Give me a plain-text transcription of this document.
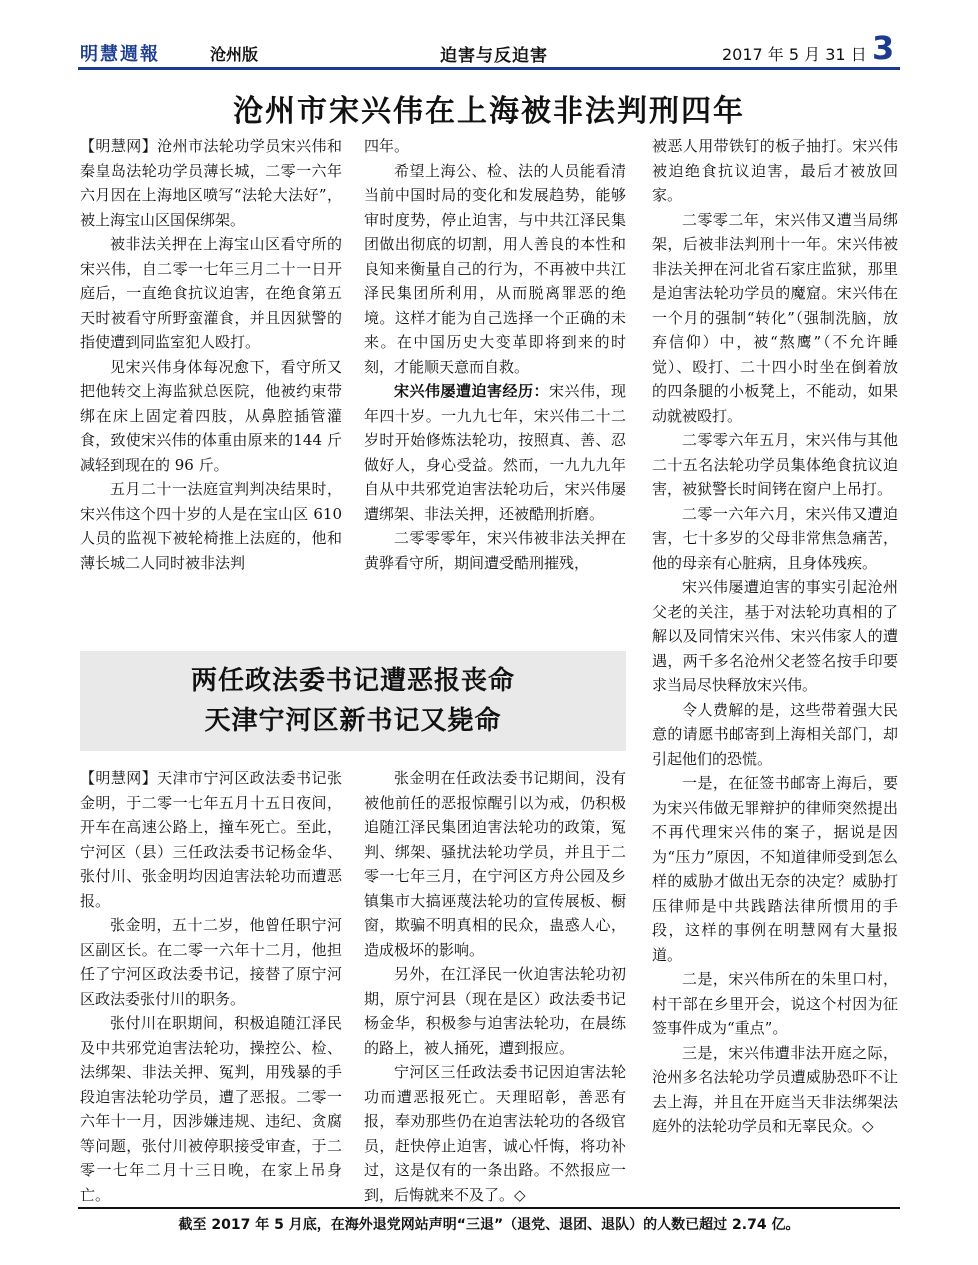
明慧週報	沧州版	迫害与反迫害	2017 年 5 月 31 日 3
沧州市宋兴伟在上海被非法判刑四年

【明慧网】沧州市法轮功学员宋兴伟和秦皇岛法轮功学员薄长城，二零一六年六月因在上海地区喷写“法轮大法好”，被上海宝山区国保绑架。

被非法关押在上海宝山区看守所的宋兴伟，自二零一七年三月二十一日开庭后，一直绝食抗议迫害，在绝食第五天时被看守所野蛮灌食，并且因狱警的指使遭到同监室犯人殴打。

见宋兴伟身体每况愈下，看守所又把他转交上海监狱总医院，他被约束带绑在床上固定着四肢，从鼻腔插管灌食，致使宋兴伟的体重由原来的144 斤减轻到现在的 96 斤。

五月二十一法庭宣判判决结果时，宋兴伟这个四十岁的人是在宝山区 610 人员的监视下被轮椅推上法庭的，他和薄长城二人同时被非法判

四年。

希望上海公、检、法的人员能看清当前中国时局的变化和发展趋势，能够审时度势，停止迫害，与中共江泽民集团做出彻底的切割，用人善良的本性和良知来衡量自己的行为，不再被中共江泽民集团所利用，从而脱离罪恶的绝境。这样才能为自己选择一个正确的未来。在中国历史大变革即将到来的时刻，才能顺天意而自救。

宋兴伟屡遭迫害经历：宋兴伟，现年四十岁。一九九七年，宋兴伟二十二岁时开始修炼法轮功，按照真、善、忍做好人，身心受益。然而，一九九九年自从中共邪党迫害法轮功后，宋兴伟屡遭绑架、非法关押，还被酷刑折磨。

二零零零年，宋兴伟被非法关押在黄骅看守所，期间遭受酷刑摧残，

被恶人用带铁钉的板子抽打。宋兴伟被迫绝食抗议迫害，最后才被放回家。

二零零二年，宋兴伟又遭当局绑架，后被非法判刑十一年。宋兴伟被非法关押在河北省石家庄监狱，那里是迫害法轮功学员的魔窟。宋兴伟在一个月的强制“转化”（强制洗脑，放弃信仰）中，被“熬鹰”（不允许睡觉）、殴打、二十四小时坐在倒着放的四条腿的小板凳上，不能动，如果动就被殴打。

二零零六年五月，宋兴伟与其他二十五名法轮功学员集体绝食抗议迫害，被狱警长时间铐在窗户上吊打。

二零一六年六月，宋兴伟又遭迫害，七十多岁的父母非常焦急痛苦，他的母亲有心脏病，且身体残疾。

宋兴伟屡遭迫害的事实引起沧州父老的关注，基于对法轮功真相的了解以及同情宋兴伟、宋兴伟家人的遭遇，两千多名沧州父老签名按手印要求当局尽快释放宋兴伟。

令人费解的是，这些带着强大民意的请愿书邮寄到上海相关部门，却引起他们的恐慌。

一是，在征签书邮寄上海后，要为宋兴伟做无罪辩护的律师突然提出不再代理宋兴伟的案子，据说是因为“压力”原因，不知道律师受到怎么样的威胁才做出无奈的决定？威胁打压律师是中共践踏法律所惯用的手段，这样的事例在明慧网有大量报道。

二是，宋兴伟所在的朱里口村，村干部在乡里开会，说这个村因为征签事件成为“重点”。

三是，宋兴伟遭非法开庭之际，沧州多名法轮功学员遭威胁恐吓不让去上海，并且在开庭当天非法绑架法庭外的法轮功学员和无辜民众。◇

两任政法委书记遭恶报丧命
天津宁河区新书记又毙命

【明慧网】天津市宁河区政法委书记张金明，于二零一七年五月十五日夜间，开车在高速公路上，撞车死亡。至此，宁河区（县）三任政法委书记杨金华、张付川、张金明均因迫害法轮功而遭恶报。

张金明，五十二岁，他曾任职宁河区副区长。在二零一六年十二月，他担任了宁河区政法委书记，接替了原宁河区政法委张付川的职务。

张付川在职期间，积极追随江泽民及中共邪党迫害法轮功，操控公、检、法绑架、非法关押、冤判，用残暴的手段迫害法轮功学员，遭了恶报。二零一六年十一月，因涉嫌违规、违纪、贪腐等问题，张付川被停职接受审查，于二零一七年二月十三日晚，在家上吊身亡。

张金明在任政法委书记期间，没有被他前任的恶报惊醒引以为戒，仍积极追随江泽民集团迫害法轮功的政策，冤判、绑架、骚扰法轮功学员，并且于二零一七年三月，在宁河区方舟公园及乡镇集市大搞诬蔑法轮功的宣传展板、橱窗，欺骗不明真相的民众，蛊惑人心，造成极坏的影响。

另外，在江泽民一伙迫害法轮功初期，原宁河县（现在是区）政法委书记杨金华，积极参与迫害法轮功，在晨练的路上，被人捅死，遭到报应。

宁河区三任政法委书记因迫害法轮功而遭恶报死亡。天理昭彰，善恶有报，奉劝那些仍在迫害法轮功的各级官员，赶快停止迫害，诚心忏悔，将功补过，这是仅有的一条出路。不然报应一到，后悔就来不及了。◇

截至 2017 年 5 月底，在海外退党网站声明“三退”（退党、退团、退队）的人数已超过 2.74 亿。
